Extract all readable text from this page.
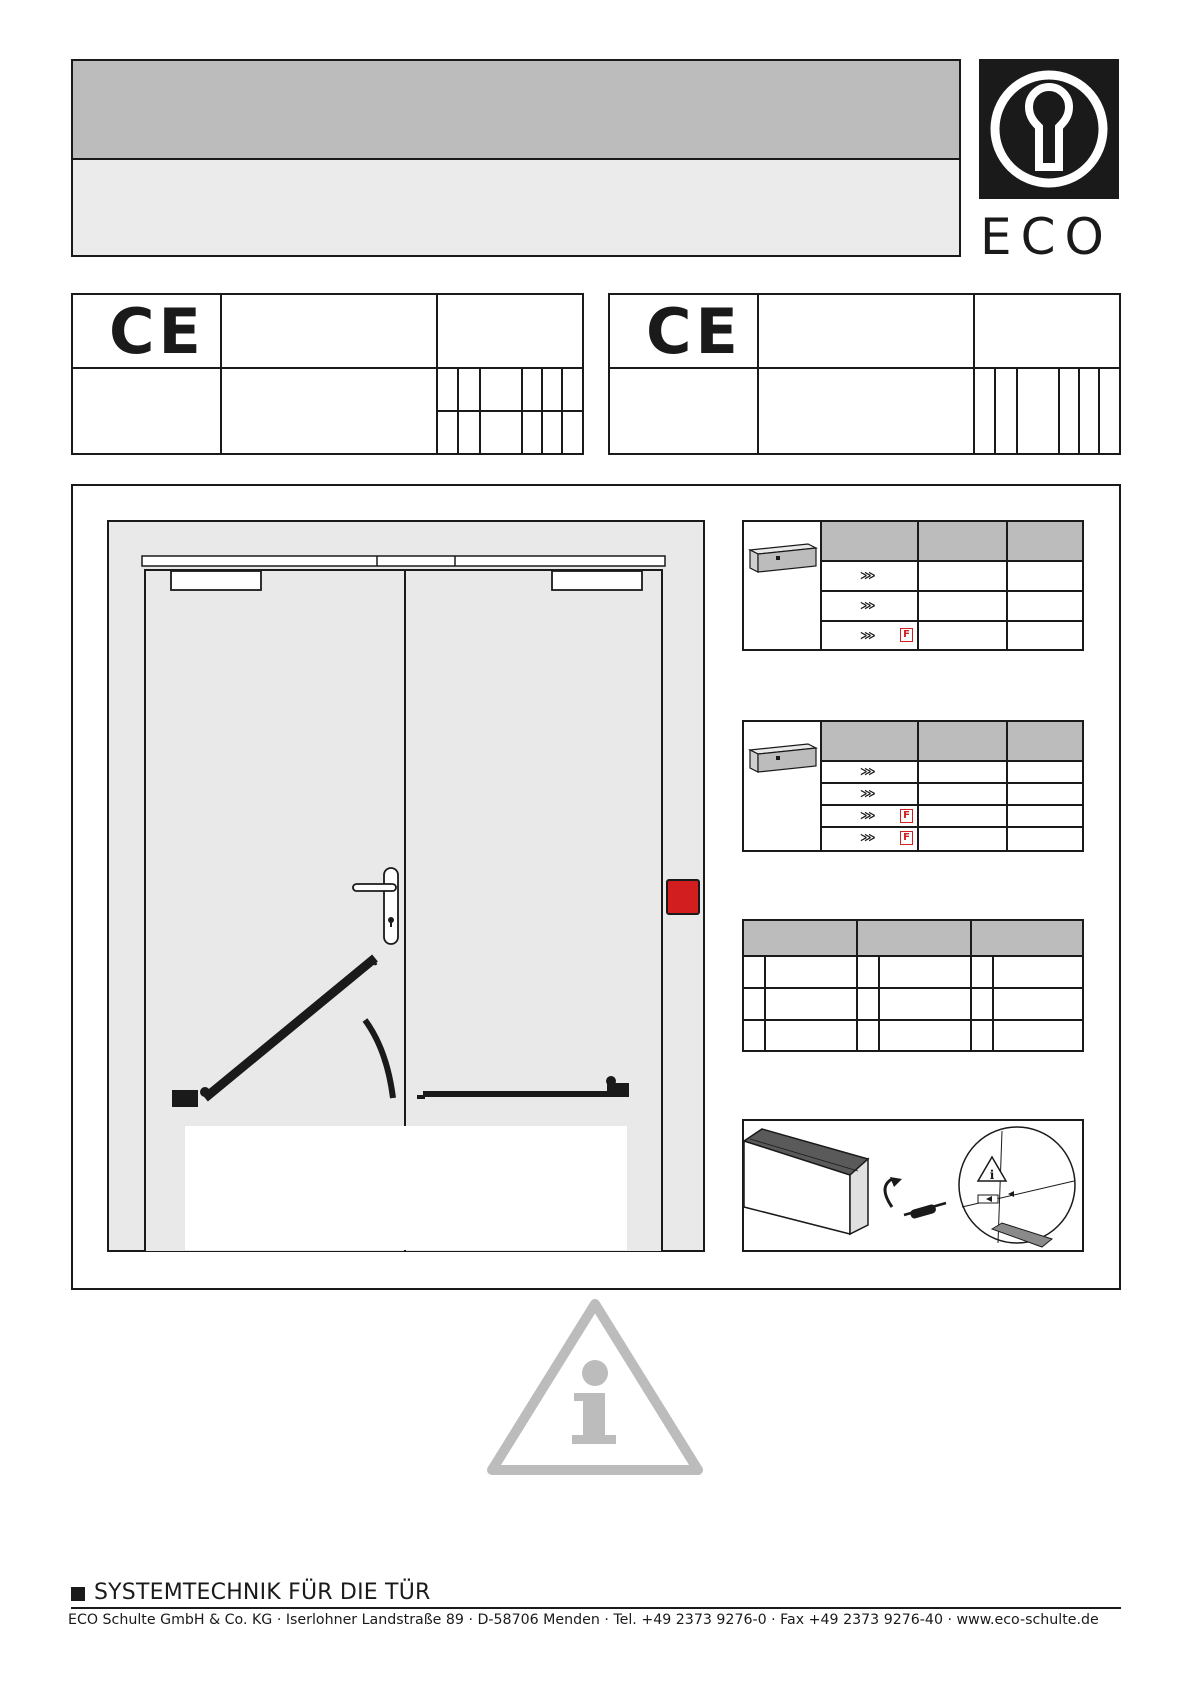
ECO
CE	CE
⋙
⋙
⋙	F
⋙
⋙
⋙
⋙
F
F
i
SYSTEMTECHNIK FÜR DIE TÜR
ECO Schulte GmbH & Co. KG · Iserlohner Landstraße 89 · D-58706 Menden · Tel. +49 2373 9276-0 · Fax +49 2373 9276-40 · www.eco-schulte.de
